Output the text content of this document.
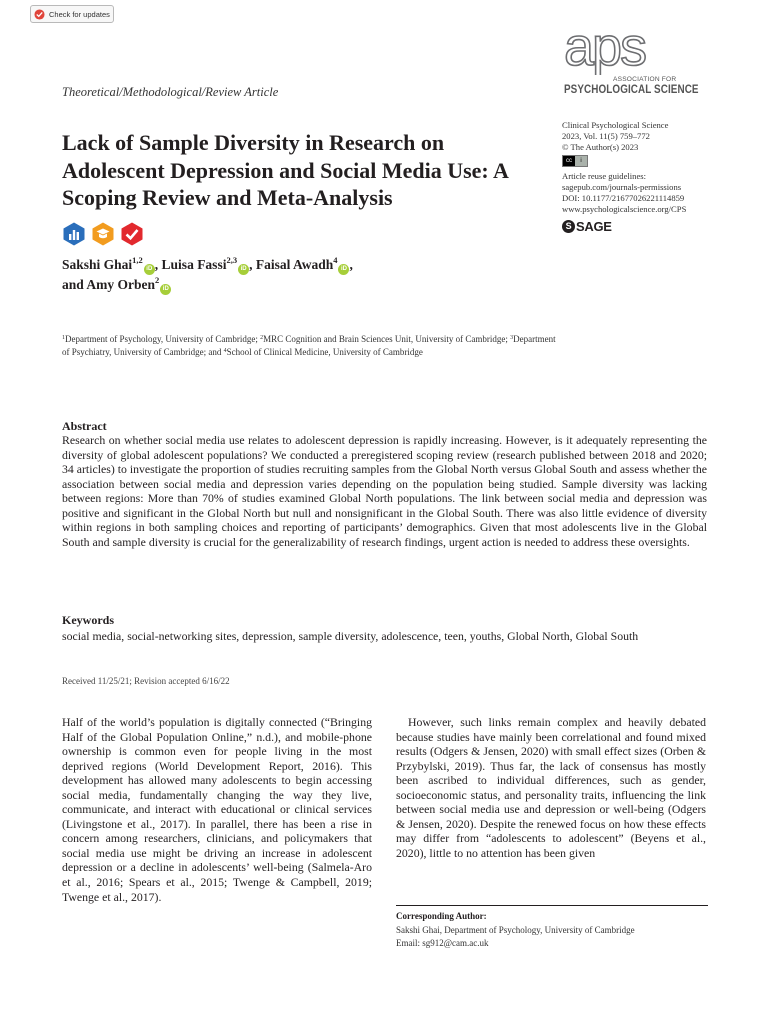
Check for updates
aps
ASSOCIATION FOR
PSYCHOLOGICAL SCIENCE
Theoretical/Methodological/Review Article
Lack of Sample Diversity in Research on Adolescent Depression and Social Media Use: A Scoping Review and Meta-Analysis
Sakshi Ghai$^{1,2}$iD , Luisa Fassi$^{2,3}$iD , Faisal Awadh$^4$iD ,
and Amy Orben$^2$iD
Clinical Psychological Science
2023, Vol. 11(5) 759–772
© The Author(s) 2023
cc	i
Article reuse guidelines:
sagepub.com/journals-permissions
DOI: 10.1177/21677026221114859
www.psychologicalscience.org/CPS
S SAGE
$^1$Department of Psychology, University of Cambridge; $^2$MRC Cognition and Brain Sciences Unit, University of Cambridge; $^3$Department of Psychiatry, University of Cambridge; and $^4$School of Clinical Medicine, University of Cambridge
Abstract

Research on whether social media use relates to adolescent depression is rapidly increasing. However, is it adequately representing the diversity of global adolescent populations? We conducted a preregistered scoping review (research published between 2018 and 2020; 34 articles) to investigate the proportion of studies recruiting samples from the Global North versus Global South and assess whether the association between social media and depression varies depending on the population being studied. Sample diversity was lacking between regions: More than 70% of studies examined Global North populations. The link between social media and depression was positive and significant in the Global North but null and nonsignificant in the Global South. There was also little evidence of diversity within regions in both sampling choices and reporting of participants’ demographics. Given that most adolescents live in the Global South and sample diversity is crucial for the generalizability of research findings, urgent action is needed to address these oversights.

Keywords

social media, social-networking sites, depression, sample diversity, adolescence, teen, youths, Global North, Global South

Received 11/25/21; Revision accepted 6/16/22

Half of the world’s population is digitally connected (“Bringing Half of the Global Population Online,” n.d.), and mobile-phone ownership is common even for people living in the most deprived regions (World Development Report, 2016). This development has allowed many adolescents to begin accessing social media, fundamentally changing the way they live, communicate, and interact with educational or clinical services (Livingstone et al., 2017). In parallel, there has been a rise in concern among researchers, clinicians, and policymakers that social media use might be driving an increase in adolescent depression or a decline in adolescents’ well-being (Salmela-Aro et al., 2016; Spears et al., 2015; Twenge & Campbell, 2019; Twenge et al., 2017).

However, such links remain complex and heavily debated because studies have mainly been correlational and found mixed results (Odgers & Jensen, 2020) with small effect sizes (Orben & Przybylski, 2019). Thus far, the lack of consensus has mostly been ascribed to individual differences, such as gender, socioeconomic status, and personality traits, influencing the link between social media use and depression or well-being (Odgers & Jensen, 2020). Despite the renewed focus on how these effects may differ from “adolescents to adolescent” (Beyens et al., 2020), little to no attention has been given

Corresponding Author:
Sakshi Ghai, Department of Psychology, University of Cambridge
Email: sg912@cam.ac.uk
